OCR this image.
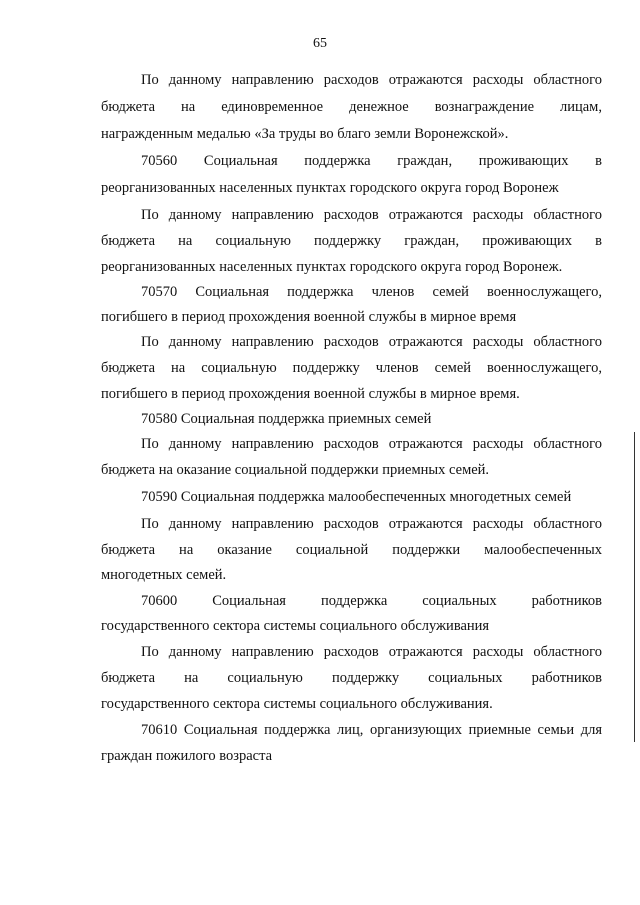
65
По данному направлению расходов отражаются расходы областного
бюджета на единовременное денежное вознаграждение лицам,
награжденным медалью «За труды во благо земли Воронежской».
70560 Социальная поддержка граждан, проживающих в
реорганизованных населенных пунктах городского округа город Воронеж
По данному направлению расходов отражаются расходы областного
бюджета на социальную поддержку граждан, проживающих в
реорганизованных населенных пунктах городского округа город Воронеж.
70570 Социальная поддержка членов семей военнослужащего,
погибшего в период прохождения военной службы в мирное время
По данному направлению расходов отражаются расходы областного
бюджета на социальную поддержку членов семей военнослужащего,
погибшего в период прохождения военной службы в мирное время.
70580 Социальная поддержка приемных семей
По данному направлению расходов отражаются расходы областного
бюджета на оказание социальной поддержки приемных семей.
70590 Социальная поддержка малообеспеченных многодетных семей
По данному направлению расходов отражаются расходы областного
бюджета на оказание социальной поддержки малообеспеченных
многодетных семей.
70600 Социальная поддержка социальных работников
государственного сектора системы социального обслуживания
По данному направлению расходов отражаются расходы областного
бюджета на социальную поддержку социальных работников
государственного сектора системы социального обслуживания.
70610 Социальная поддержка лиц, организующих приемные семьи для
граждан пожилого возраста
